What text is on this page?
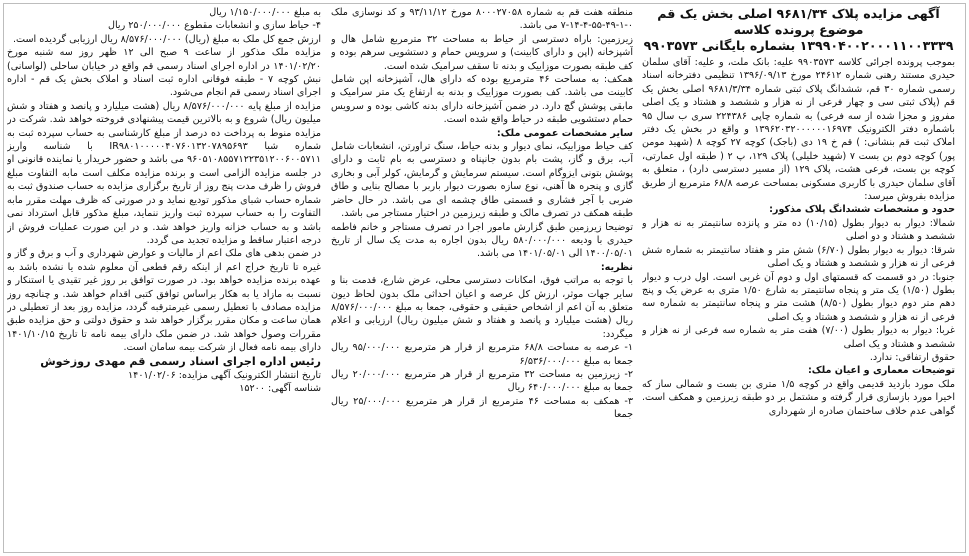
آگهی مزایده پلاک ۹۶۸۱/۳۴ اصلی بخش یک قم موضوع پرونده کلاسه

۱۳۹۹۰۴۰۰۲۰۰۰۱۱۰۰۳۳۳۹ بشماره بایگانی ۹۹۰۳۵۷۳

بموجب پرونده اجرائی کلاسه ۹۹۰۳۵۷۳ علیه: بانک ملت، و علیه: آقای سلمان حیدری مستند رهنی شماره ۲۴۶۱۲ مورخ ۱۳۹۶/۰۹/۱۳ تنظیمی دفترخانه اسناد رسمی شماره ۳۰ قم، ششدانگ پلاک ثبتی شماره ۹۶۸۱/۳/۳۴ اصلی بخش یک قم (پلاک ثبتی سی و چهار فرعی از نه هزار و ششصد و هشتاد و یک اصلی مفروز و مجزا شده از سه فرعی) به شماره چاپی ۲۲۴۳۸۶ سری ب سال ۹۵ باشماره دفتر الکترونیک ۱۳۹۶۲۰۳۲۰۰۰۰۰۰۱۶۹۷۴ و واقع در بخش یک دفتر املاک ثبت قم بنشانی: ) قم خ ۱۹ دی (باجک) کوچه ۲۷ کوچه ۸ (شهید مومن پور) کوچه دوم بن بست ۷ (شهید خلیلی) پلاک ۱۲۹، پ ۲ ( طبقه اول عمارتی، کوچه بن بست، فرعی هشت، پلاک ۱۲۹ (از مسیر دسترسی دارد) ، متعلق به آقای سلمان حیدری با کاربری مسکونی بمساحت عرصه ۶۸/۸ مترمربع از طریق مزایده بفروش میرسد:

حدود و مشخصات ششدانگ پلاک مذکور:

شمالا: دیوار به دیوار بطول (۱۰/۱۵) ده متر و پانزده سانتیمتر به نه هزار و ششصد و هشتاد و دو اصلی

شرقا: دیوار به دیوار بطول (۶/۷۰) شش متر و هفتاد سانتیمتر به شماره شش فرعی از نه هزار و ششصد و هشتاد و یک اصلی

جنوبا: در دو قسمت که قسمتهای اول و دوم آن غربی است. اول درب و دیوار بطول (۱/۵۰) یک متر و پنجاه سانتیمتر به شارع ۱/۵۰ متری به عرض یک و پنج دهم متر دوم دیوار بطول (۸/۵۰) هشت متر و پنجاه سانتیمتر به شماره سه فرعی از نه هزار و ششصد و هشتاد و یک اصلی

غربا: دیوار به دیوار بطول (۷/۰۰) هفت متر به شماره سه فرعی از نه هزار و ششصد و هشتاد و یک اصلی

حقوق ارتفاقی: ندارد.

توضیحات معماری و اعیان ملک:

ملک مورد بازدید قدیمی واقع در کوچه ۱/۵ متری بن بست و شمالی ساز که اخیرا مورد بازسازی قرار گرفته و مشتمل بر دو طبقه زیرزمین و همکف است. گواهی عدم خلاف ساختمان صادره از شهرداری

منطقه هفت قم به شماره ۸۰۰۰۲۷۰۵۸ مورخ ۹۳/۱۱/۱۲ و کد نوسازی ملک ۰-۱-۴۹-۵۵-۴-۱۴-۷ می باشد.

زیرزمین: باراه دسترسی از حیاط به مساحت ۳۲ مترمربع شامل هال و آشپزخانه (اپن و دارای کابینت) و سرویس حمام و دستشویی سرهم بوده و کف طبقه بصورت موزاییک و بدنه تا سقف سرامیک شده است.

همکف: به مساحت ۴۶ مترمربع بوده که دارای هال، آشپزخانه اپن شامل کابینت می باشد. کف بصورت موزاییک و بدنه به ارتفاع یک متر سرامیک و مابقی پوشش گچ دارد. در ضمن آشپزخانه دارای بدنه کاشی بوده و سرویس حمام دستشویی طبقه در حیاط واقع شده است.

سایر مشخصات عمومی ملک:

کف حیاط موزاییک، نمای دیوار و بدنه حیاط، سنگ تراورتن، انشعابات شامل آب، برق و گاز، پشت بام بدون جانپناه و دسترسی به بام ثابت و دارای پوشش بتونی ایزوگام است. سیستم سرمایش و گرمایش، کولر آبی و بخاری گازی و پنجره ها آهنی، نوع سازه بصورت دیوار باربر با مصالح بنایی و طاق ضربی با آجر فشاری و قسمتی طاق چشمه ای می باشد. در حال حاضر طبقه همکف در تصرف مالک و طبقه زیرزمین در اختیار مستاجر می باشد.

توضیحا زیرزمین طبق گزارش مامور اجرا در تصرف مستاجر و خانم فاطمه حیدری با ودیعه ۵۸۰/۰۰۰/۰۰۰ ریال بدون اجاره به مدت یک سال از تاریخ ۱۴۰۰/۰۵/۰۱ الی ۱۴۰۱/۰۵/۰۱ می باشد.

نظریه:

با توجه به مراتب فوق، امکانات دسترسی محلی، عرض شارع، قدمت بنا و سایر جهات موثر، ارزش کل عرصه و اعیان احداثی ملک بدون لحاظ دیون متعلق به آن اعم از اشخاص حقیقی و حقوقی، جمعا به مبلغ ۸/۵۷۶/۰۰۰/۰۰۰ ریال (هشت میلیارد و پانصد و هفتاد و شش میلیون ریال) ارزیابی و اعلام میگردد:

۱- عرصه به مساحت ۶۸/۸ مترمربع از قرار هر مترمربع ۹۵/۰۰۰/۰۰۰ ریال جمعا به مبلغ ۶/۵۳۶/۰۰۰/۰۰۰

۲- زیرزمین به مساحت ۳۲ مترمربع از قرار هر مترمربع ۲۰/۰۰۰/۰۰۰ ریال جمعا به مبلغ ۶۴۰/۰۰۰/۰۰۰ ریال

۳- همکف به مساحت ۴۶ مترمربع از قرار هر مترمربع ۲۵/۰۰۰/۰۰۰ ریال جمعا

به مبلغ ۱/۱۵۰/۰۰۰/۰۰۰ ریال

۴- حیاط سازی و انشعابات مقطوع ۲۵۰/۰۰۰/۰۰۰ ریال

ارزش جمع کل ملک به مبلغ (ریال) ۸/۵۷۶/۰۰۰/۰۰۰ ریال ارزیابی گردیده است.

مزایده ملک مذکور از ساعت ۹ صبح الی ۱۲ ظهر روز سه شنبه مورخ ۱۴۰۱/۰۲/۲۰ در اداره اجرای اسناد رسمی قم واقع در خیابان ساحلی (لواسانی) نبش کوچه ۷ - طبقه فوقانی اداره ثبت اسناد و املاک بخش یک قم - اداره اجرای اسناد رسمی قم انجام می‌شود.

مزایده از مبلغ پایه ۸/۵۷۶/۰۰۰/۰۰۰ ریال (هشت میلیارد و پانصد و هفتاد و شش میلیون ریال) شروع و به بالاترین قیمت پیشنهادی فروخته خواهد شد. شرکت در مزایده منوط به پرداخت ده درصد از مبلغ کارشناسی به حساب سپرده ثبت به شماره شبا IR۹۸۰۱۰۰۰۰۰۴۰۷۶۰۱۳۲۰۷۸۹۵۶۹۳ با شناسه واریز ۹۶۰۵۱۰۸۵۵۷۱۲۲۳۵۱۲۰۰۶۰۰۵۷۱۱ می باشد و حضور خریدار یا نماینده قانونی او در جلسه مزایده الزامی است و برنده مزایده مکلف است مابه التفاوت مبلغ فروش را ظرف مدت پنج روز از تاریخ برگزاری مزایده به حساب صندوق ثبت به شماره حساب شبای مذکور تودیع نماید و در صورتی که ظرف مهلت مقرر مابه التفاوت را به حساب سپرده ثبت واریز ننماید، مبلغ مذکور قابل استرداد نمی باشد و به حساب خزانه واریز خواهد شد. و در این صورت عملیات فروش از درجه اعتبار ساقط و مزایده تجدید می گردد.

در ضمن بدهی های ملک اعم از مالیات و عوارض شهرداری و آب و برق و گاز و غیره تا تاریخ خراج اعم از اینکه رقم قطعی آن معلوم شده یا نشده باشد به عهده برنده مزایده خواهد بود. در صورت توافق بر روز غیر تقیدی یا استنکار و نسبت به مازاد یا به هکار براساس توافق کتبی اقدام خواهد شد. و چنانچه روز مزایده مصادف با تعطیل رسمی غیرمترقبه گردد، مزایده روز بعد از تعطیلی در همان ساعت و مکان مقرر برگزار خواهد شد و حقوق دولتی و حق مزایده طبق مقررات وصول خواهد شد. در ضمن ملک دارای بیمه نامه تا تاریخ ۱۴۰۱/۱۰/۱۵ دارای بیمه نامه فعال از شرکت بیمه سامان است.

رئیس اداره اجرای اسناد رسمی قم مهدی روزخوش

تاریخ انتشار الکترونیک آگهی مزایده: ۱۴۰۱/۰۲/۰۶

شناسه آگهی: ۱۵۲۰۰
